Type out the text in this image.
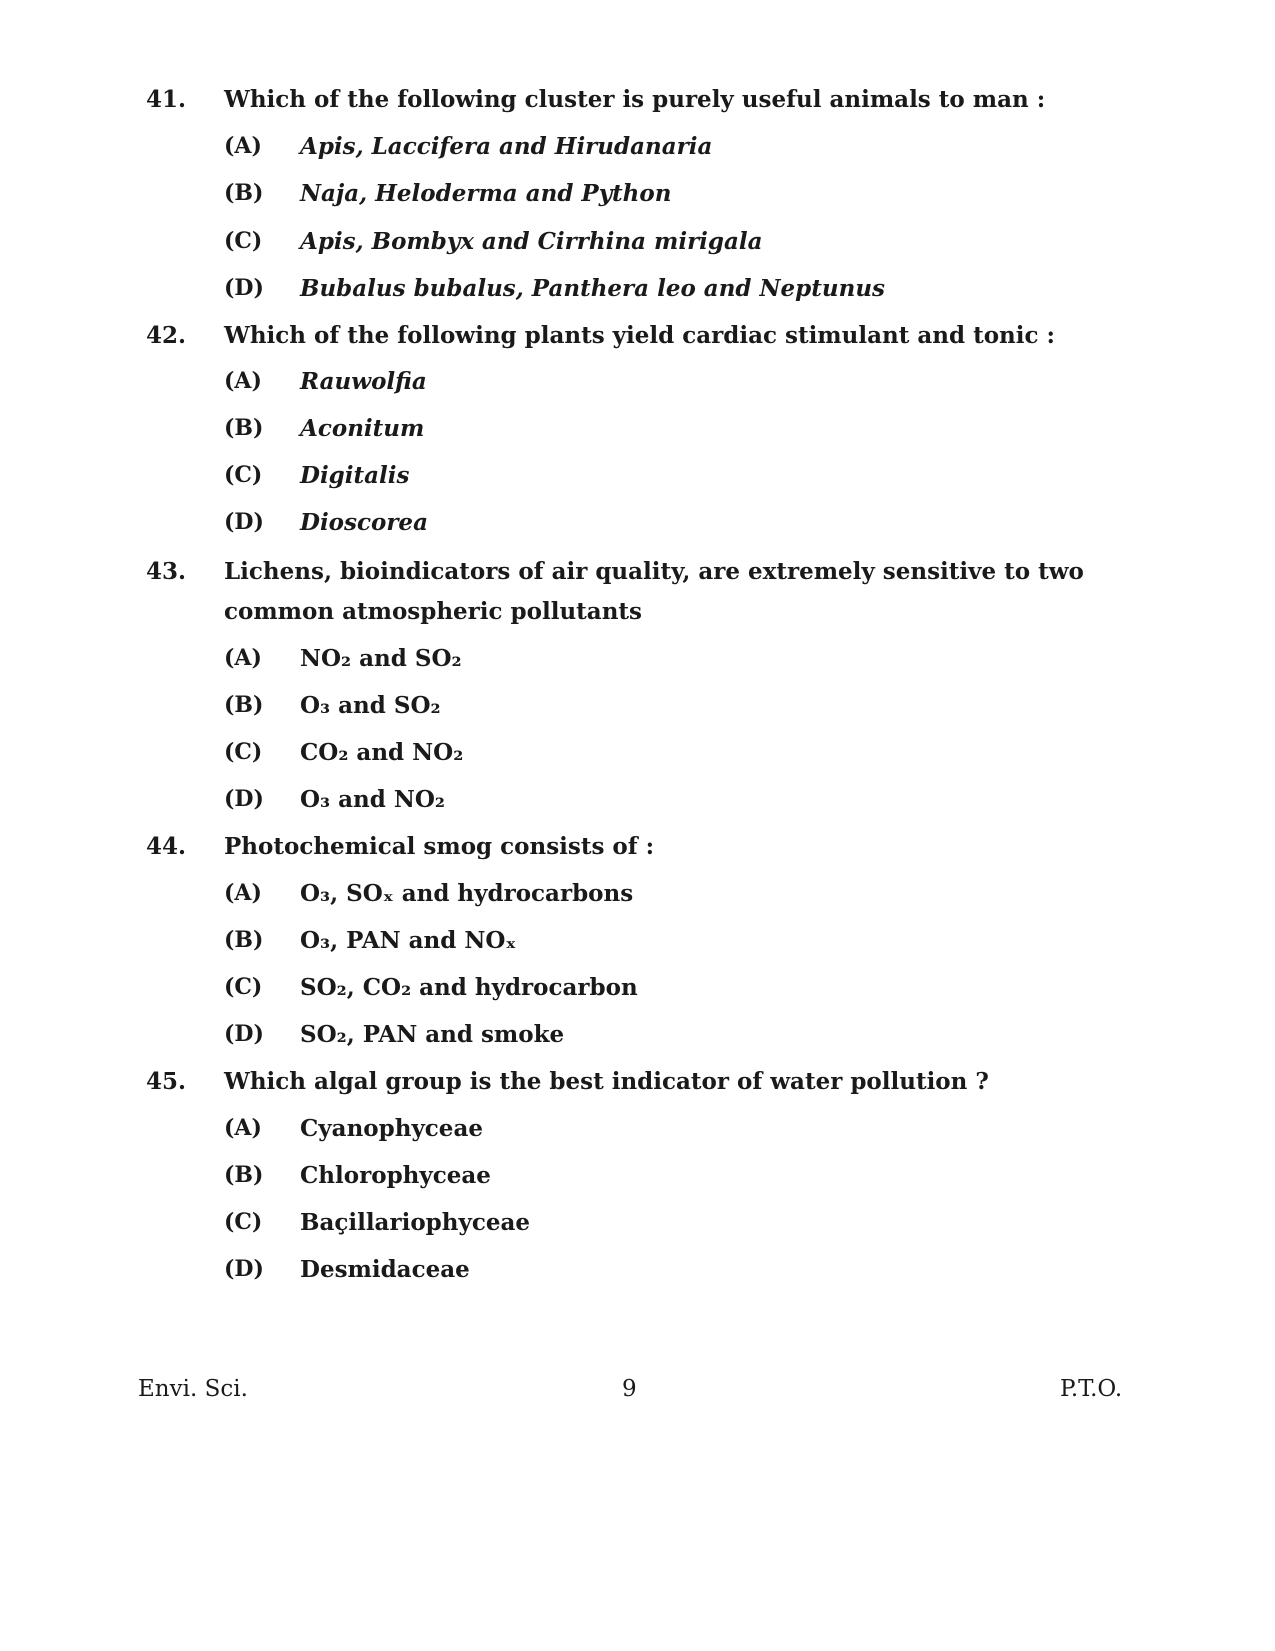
41. Which of the following cluster is purely useful animals to man :
(A) Apis, Laccifera and Hirudanaria
(B) Naja, Heloderma and Python
(C) Apis, Bombyx and Cirrhina mirigala
(D) Bubalus bubalus, Panthera leo and Neptunus
42. Which of the following plants yield cardiac stimulant and tonic :
(A) Rauwolfia
(B) Aconitum
(C) Digitalis
(D) Dioscorea
43. Lichens, bioindicators of air quality, are extremely sensitive to two common atmospheric pollutants
(A) NO₂ and SO₂
(B) O₃ and SO₂
(C) CO₂ and NO₂
(D) O₃ and NO₂
44. Photochemical smog consists of :
(A) O₃, SOₓ and hydrocarbons
(B) O₃, PAN and NOₓ
(C) SO₂, CO₂ and hydrocarbon
(D) SO₂, PAN and smoke
45. Which algal group is the best indicator of water pollution ?
(A) Cyanophyceae
(B) Chlorophyceae
(C) Baçillariophyceae
(D) Desmidaceae
Envi. Sci.	9	P.T.O.
